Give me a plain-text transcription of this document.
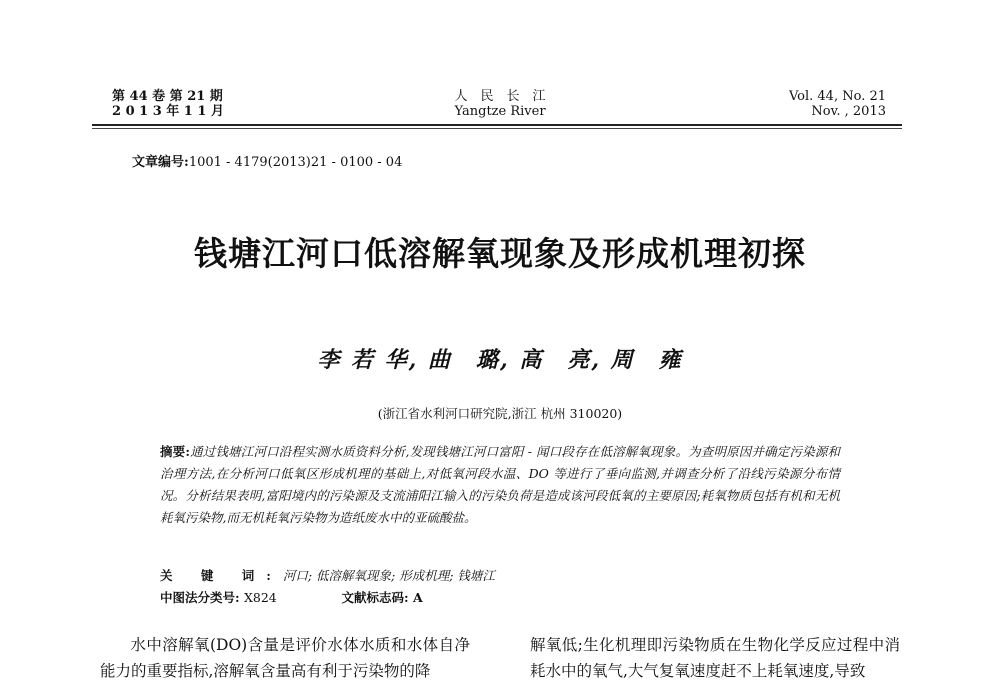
第 44 卷 第 21 期
2 0 1 3 年 1 1 月
人　民　长　江
Yangtze River
Vol. 44, No. 21
Nov. , 2013
文章编号:1001 - 4179(2013)21 - 0100 - 04
钱塘江河口低溶解氧现象及形成机理初探
李 若 华, 曲　璐, 高　亮, 周　雍
(浙江省水利河口研究院,浙江 杭州 310020)
摘要:通过钱塘江河口沿程实测水质资料分析,发现钱塘江河口富阳 - 闻口段存在低溶解氧现象。为查明原因并确定污染源和治理方法,在分析河口低氧区形成机理的基础上,对低氧河段水温、DO 等进行了垂向监测,并调查分析了沿线污染源分布情况。分析结果表明,富阳境内的污染源及支流浦阳江输入的污染负荷是造成该河段低氧的主要原因;耗氧物质包括有机和无机耗氧污染物,而无机耗氧污染物为造纸废水中的亚硫酸盐。
关 键 词:河口; 低溶解氧现象; 形成机理; 钱塘江
中图法分类号: X824	文献标志码: A
水中溶解氧(DO)含量是评价水体水质和水体自净能力的重要指标,溶解氧含量高有利于污染物的降
解氧低;生化机理即污染物质在生物化学反应过程中消耗水中的氧气,大气复氧速度赶不上耗氧速度,导致
